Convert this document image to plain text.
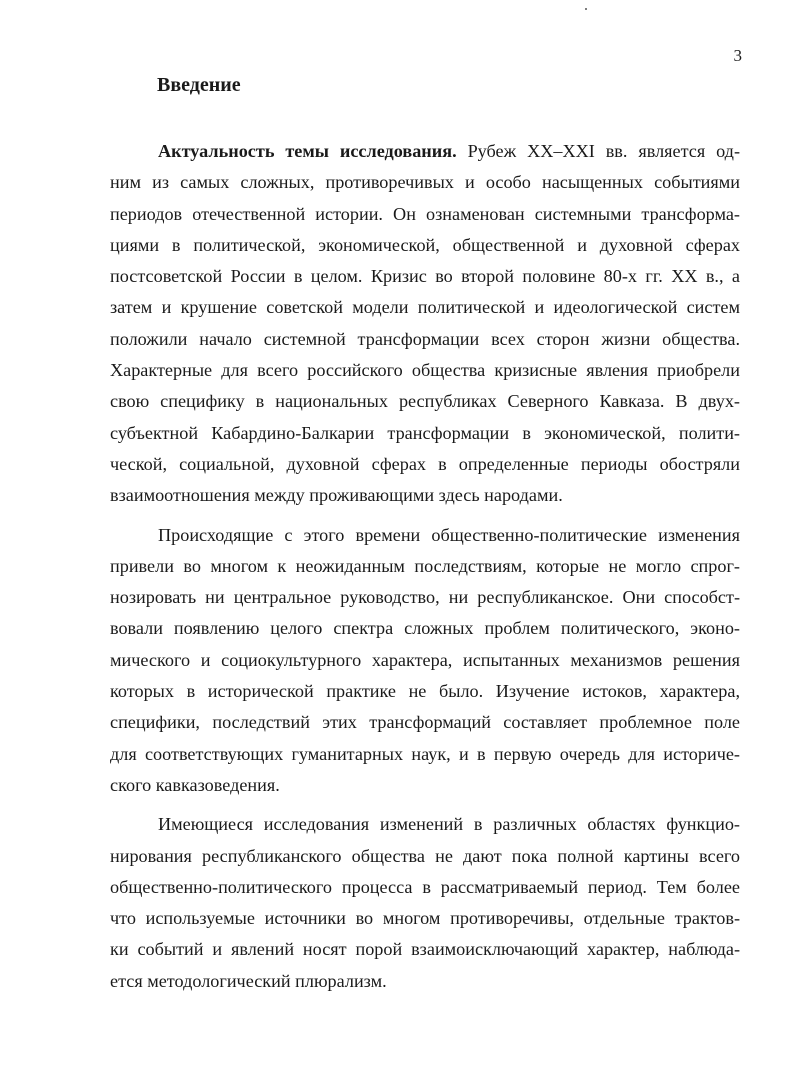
3
Введение
Актуальность темы исследования. Рубеж XX–XXI вв. является од-
ним из самых сложных, противоречивых и особо насыщенных событиями
периодов отечественной истории. Он ознаменован системными трансформа-
циями в политической, экономической, общественной и духовной сферах
постсоветской России в целом. Кризис во второй половине 80-х гг. XX в., а
затем и крушение советской модели политической и идеологической систем
положили начало системной трансформации всех сторон жизни общества.
Характерные для всего российского общества кризисные явления приобрели
свою специфику в национальных республиках Северного Кавказа. В двух-
субъектной Кабардино-Балкарии трансформации в экономической, полити-
ческой, социальной, духовной сферах в определенные периоды обостряли
взаимоотношения между проживающими здесь народами.
Происходящие с этого времени общественно-политические изменения
привели во многом к неожиданным последствиям, которые не могло спрог-
нозировать ни центральное руководство, ни республиканское. Они способст-
вовали появлению целого спектра сложных проблем политического, эконо-
мического и социокультурного характера, испытанных механизмов решения
которых в исторической практике не было. Изучение истоков, характера,
специфики, последствий этих трансформаций составляет проблемное поле
для соответствующих гуманитарных наук, и в первую очередь для историче-
ского кавказоведения.
Имеющиеся исследования изменений в различных областях функцио-
нирования республиканского общества не дают пока полной картины всего
общественно-политического процесса в рассматриваемый период. Тем более
что используемые источники во многом противоречивы, отдельные трактов-
ки событий и явлений носят порой взаимоисключающий характер, наблюда-
ется методологический плюрализм.
